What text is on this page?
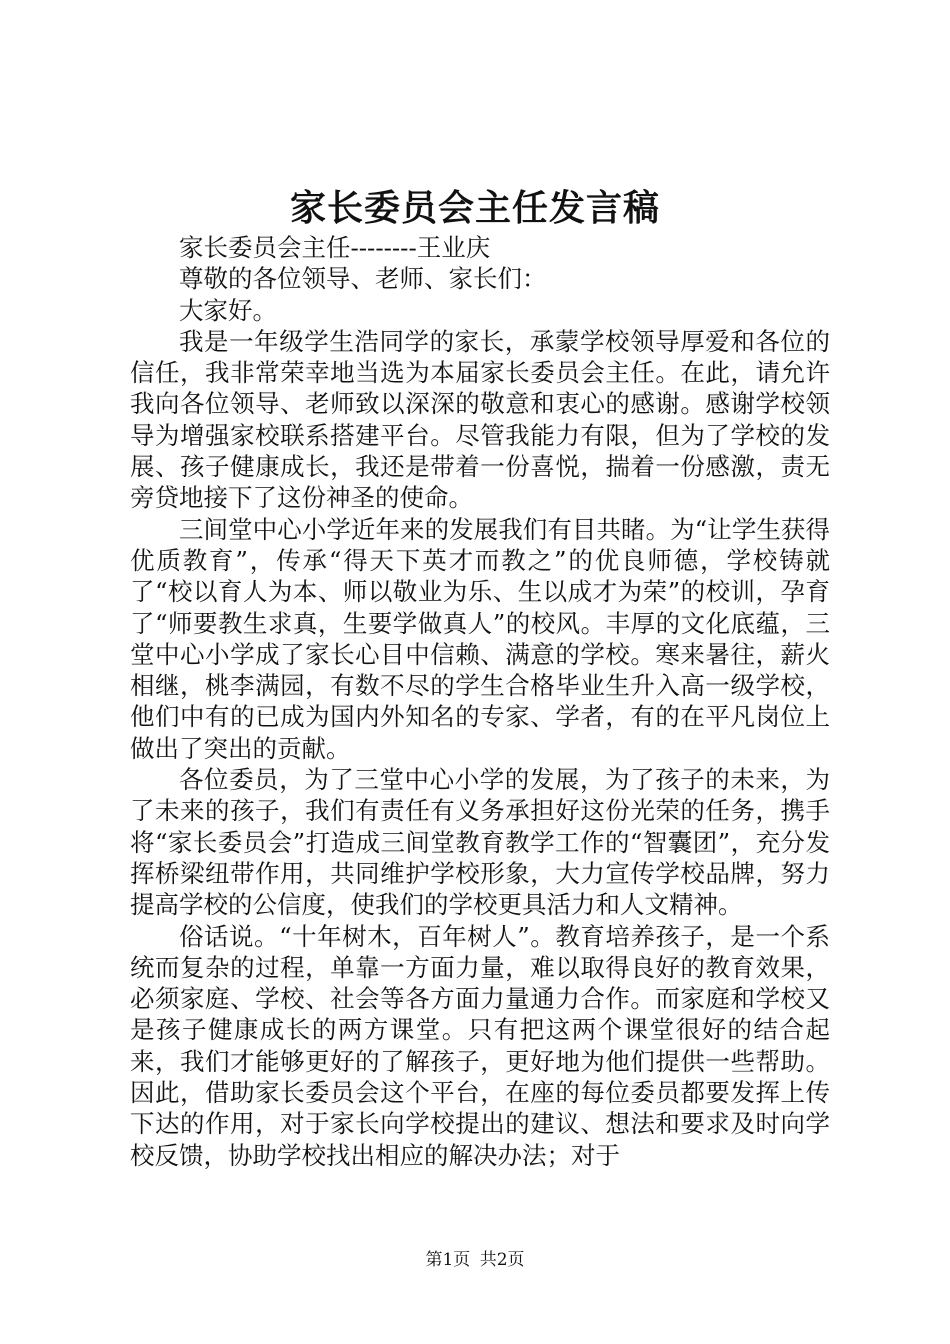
家长委员会主任发言稿
家长委员会主任--------王业庆
尊敬的各位领导、老师、家长们：
大家好。

我是一年级学生浩同学的家长，承蒙学校领导厚爱和各位的信任，我非常荣幸地当选为本届家长委员会主任。在此，请允许我向各位领导、老师致以深深的敬意和衷心的感谢。感谢学校领导为增强家校联系搭建平台。尽管我能力有限，但为了学校的发展、孩子健康成长，我还是带着一份喜悦，揣着一份感激，责无旁贷地接下了这份神圣的使命。

三间堂中心小学近年来的发展我们有目共睹。为“让学生获得优质教育”，传承“得天下英才而教之”的优良师德，学校铸就了“校以育人为本、师以敬业为乐、生以成才为荣”的校训，孕育了“师要教生求真，生要学做真人”的校风。丰厚的文化底蕴，三堂中心小学成了家长心目中信赖、满意的学校。寒来暑往，薪火相继，桃李满园，有数不尽的学生合格毕业生升入高一级学校，他们中有的已成为国内外知名的专家、学者，有的在平凡岗位上做出了突出的贡献。

各位委员，为了三堂中心小学的发展，为了孩子的未来，为了未来的孩子，我们有责任有义务承担好这份光荣的任务，携手将“家长委员会”打造成三间堂教育教学工作的“智囊团”，充分发挥桥梁纽带作用，共同维护学校形象，大力宣传学校品牌，努力提高学校的公信度，使我们的学校更具活力和人文精神。

俗话说。“十年树木，百年树人”。教育培养孩子，是一个系统而复杂的过程，单靠一方面力量，难以取得良好的教育效果，必须家庭、学校、社会等各方面力量通力合作。而家庭和学校又是孩子健康成长的两方课堂。只有把这两个课堂很好的结合起来，我们才能够更好的了解孩子，更好地为他们提供一些帮助。因此，借助家长委员会这个平台，在座的每位委员都要发挥上传下达的作用，对于家长向学校提出的建议、想法和要求及时向学校反馈，协助学校找出相应的解决办法；对于

第1页 共2页
